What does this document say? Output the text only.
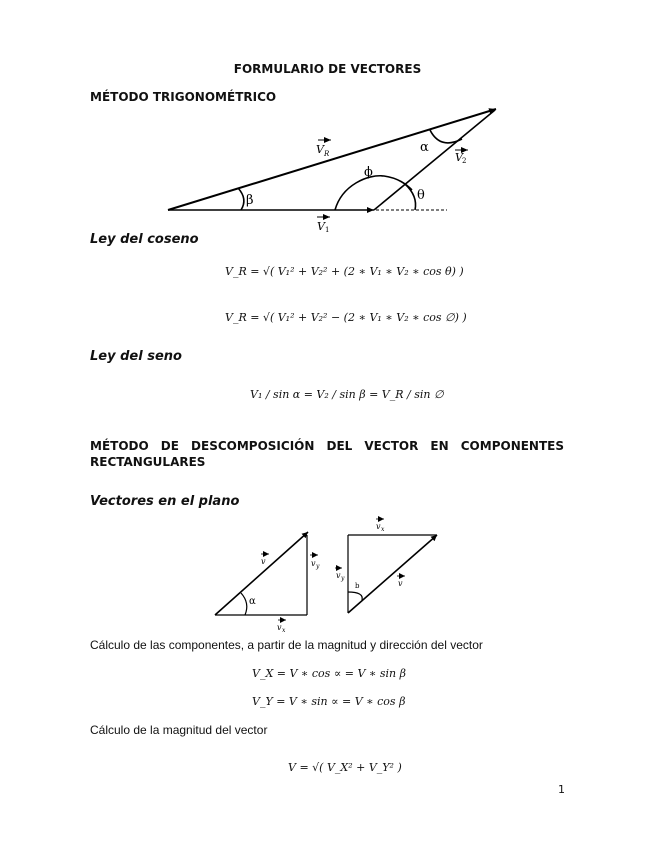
FORMULARIO DE VECTORES
MÉTODO TRIGONOMÉTRICO
V R
V 1
V 2
β
ϕ
θ
α
Ley del coseno
V_R = √( V₁² + V₂² + (2 ∗ V₁ ∗ V₂ ∗ cos θ) )
V_R = √( V₁² + V₂² − (2 ∗ V₁ ∗ V₂ ∗ cos ∅) )
Ley del seno
V₁ / sin α = V₂ / sin β = V_R / sin ∅
MÉTODO DE DESCOMPOSICIÓN DEL VECTOR EN COMPONENTES RECTANGULARES
Vectores en el plano
α
v	v y
v x
b
v x
v y
v
Cálculo de las componentes, a partir de la magnitud y dirección del vector
V_X = V ∗ cos ∝ = V ∗ sin β
V_Y = V ∗ sin ∝ = V ∗ cos β
Cálculo de la magnitud del vector
V = √( V_X² + V_Y² )
1
